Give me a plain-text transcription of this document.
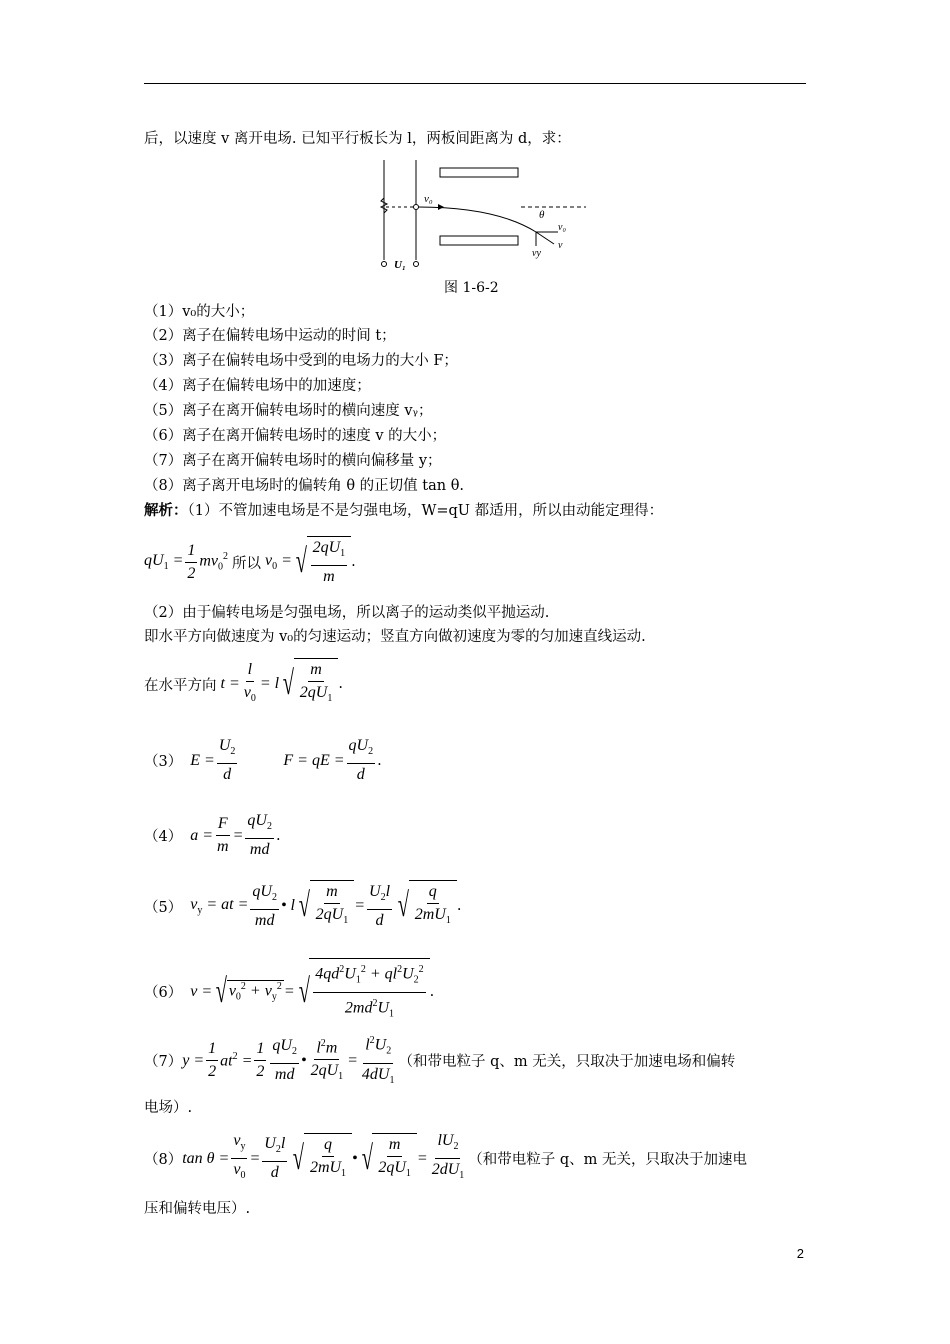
后，以速度 v 离开电场. 已知平行板长为 l，两板间距离为 d，求：
v₀
θ
v₀
vy
v
U₁
图 1-6-2
（1）v₀的大小；
（2）离子在偏转电场中运动的时间 t；
（3）离子在偏转电场中受到的电场力的大小 F；
（4）离子在偏转电场中的加速度；
（5）离子在离开偏转电场时的横向速度 vᵧ；
（6）离子在离开偏转电场时的速度 v 的大小；
（7）离子在离开偏转电场时的横向偏移量 y；
（8）离子离开电场时的偏转角 θ 的正切值 tan θ.
解析：（1）不管加速电场是不是匀强电场，W=qU 都适用，所以由动能定理得：
$qU_1 = \frac{1}{2} mv_0^2$ 所以 $v_0$ = √ $\frac{2qU_1}{m}$ .
（2）由于偏转电场是匀强电场，所以离子的运动类似平抛运动.
即水平方向做速度为 v₀的匀速运动；竖直方向做初速度为零的匀加速直线运动.
在水平方向 $t = \frac{l}{v_0} = l$ √ $\frac{m}{2qU_1}$ .
（3） $E = \frac{U_2}{d}$	F = qE = $\frac{qU_2}{d}$ .
（4） $a = \frac{F}{m} = \frac{qU_2}{md}$ .
（5） $v_y$ = at = $\frac{qU_2}{md}$ • l √ $\frac{m}{2qU_1} = \frac{U_2l}{d}$ √ $\frac{q}{2mU_1}$ .
（6） v = √ $v_0^2 + v_y^2$ = √ $\frac{4qd^2U_1^2 + ql^2U_2^2}{2md^2U_1}$ .
（7） $y = \frac{1}{2} at^2 = \frac{1}{2} \frac{qU_2}{md}$ • $\frac{l^2m}{2qU_1} = \frac{l^2U_2}{4dU_1}$ （和带电粒子 q、m 无关，只取决于加速电场和偏转
电场）.
（8） $\tan \theta = \frac{v_y}{v_0} = \frac{U_2l}{d}$ √ $\frac{q}{2mU_1}$ • √ $\frac{m}{2qU_1} = \frac{lU_2}{2dU_1}$ （和带电粒子 q、m 无关，只取决于加速电
压和偏转电压）.
2
